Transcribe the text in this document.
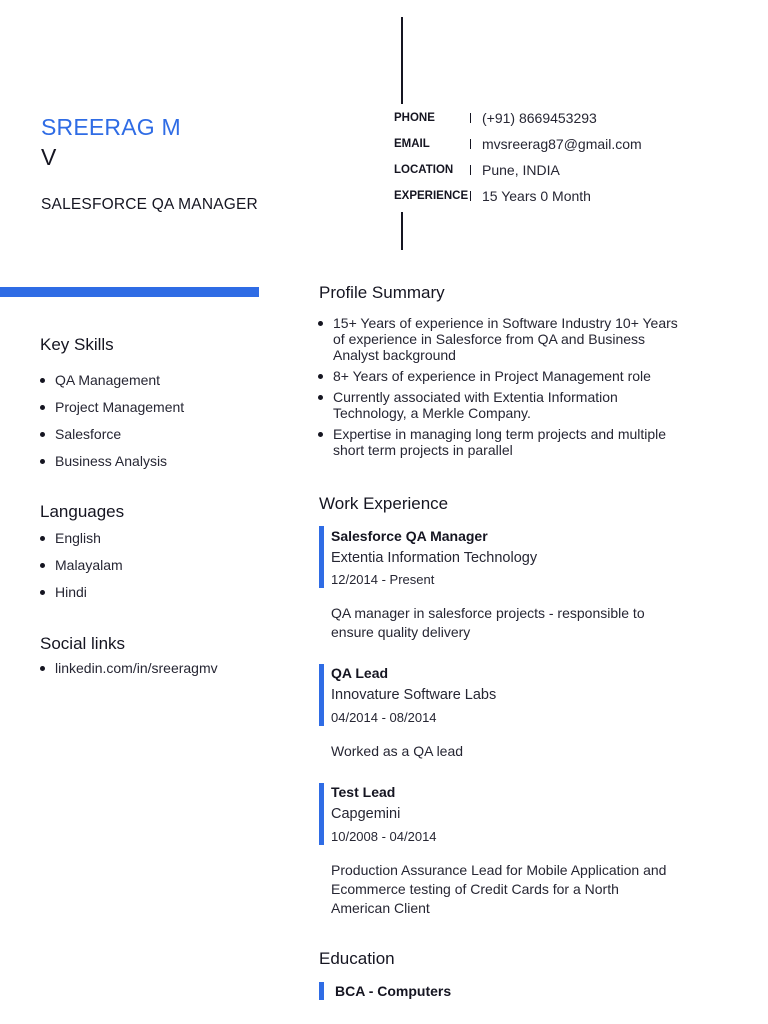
SREERAG M
V
SALESFORCE QA MANAGER
PHONE	(+91) 8669453293
EMAIL	mvsreerag87@gmail.com
LOCATION	Pune, INDIA
EXPERIENCE 15 Years 0 Month
Key Skills
QA Management
Project Management
Salesforce
Business Analysis
Languages
English
Malayalam
Hindi
Social links
linkedin.com/in/sreeragmv
Profile Summary
15+ Years of experience in Software Industry 10+ Years of experience in Salesforce from QA and Business Analyst background
8+ Years of experience in Project Management role
Currently associated with Extentia Information Technology, a Merkle Company.
Expertise in managing long term projects and multiple short term projects in parallel
Work Experience
Salesforce QA Manager
Extentia Information Technology
12/2014 - Present
QA manager in salesforce projects - responsible to ensure quality delivery
QA Lead
Innovature Software Labs
04/2014 - 08/2014
Worked as a QA lead
Test Lead
Capgemini
10/2008 - 04/2014
Production Assurance Lead for Mobile Application and Ecommerce testing of Credit Cards for a North American Client
Education
BCA - Computers
